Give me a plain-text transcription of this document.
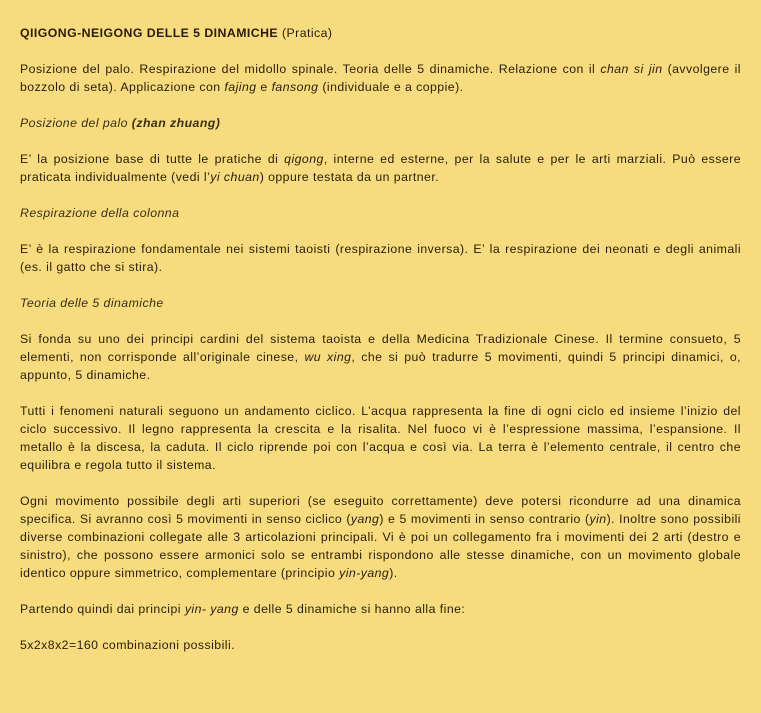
QIIGONG-NEIGONG DELLE 5 DINAMICHE (Pratica)

Posizione del palo. Respirazione del midollo spinale. Teoria delle 5 dinamiche. Relazione con il chan si jin (avvolgere il bozzolo di seta). Applicazione con fajing e fansong (individuale e a coppie).

Posizione del palo (zhan zhuang)

E’ la posizione base di tutte le pratiche di qigong, interne ed esterne, per la salute e per le arti marziali. Può essere praticata individualmente (vedi l’yi chuan) oppure testata da un partner.

Respirazione della colonna

E’ è la respirazione fondamentale nei sistemi taoisti (respirazione inversa). E’ la respirazione dei neonati e degli animali (es. il gatto che si stira).

Teoria delle 5 dinamiche

Si fonda su uno dei principi cardini del sistema taoista e della Medicina Tradizionale Cinese. Il termine consueto, 5 elementi, non corrisponde all’originale cinese, wu xing, che si può tradurre 5 movimenti, quindi 5 principi dinamici, o, appunto, 5 dinamiche.

Tutti i fenomeni naturali seguono un andamento ciclico. L’acqua rappresenta la fine di ogni ciclo ed insieme l’inizio del ciclo successivo. Il legno rappresenta la crescita e la risalita. Nel fuoco vi è l’espressione massima, l’espansione. Il metallo è la discesa, la caduta. Il ciclo riprende poi con l’acqua e così via. La terra è l’elemento centrale, il centro che equilibra e regola tutto il sistema.

Ogni movimento possibile degli arti superiori (se eseguito correttamente) deve potersi ricondurre ad una dinamica specifica. Si avranno così 5 movimenti in senso ciclico (yang) e 5 movimenti in senso contrario (yin). Inoltre sono possibili diverse combinazioni collegate alle 3 articolazioni principali. Vi è poi un collegamento fra i movimenti dei 2 arti (destro e sinistro), che possono essere armonici solo se entrambi rispondono alle stesse dinamiche, con un movimento globale identico oppure simmetrico, complementare (principio yin-yang).

Partendo quindi dai principi yin- yang e delle 5 dinamiche si hanno alla fine:

5x2x8x2=160 combinazioni possibili.
